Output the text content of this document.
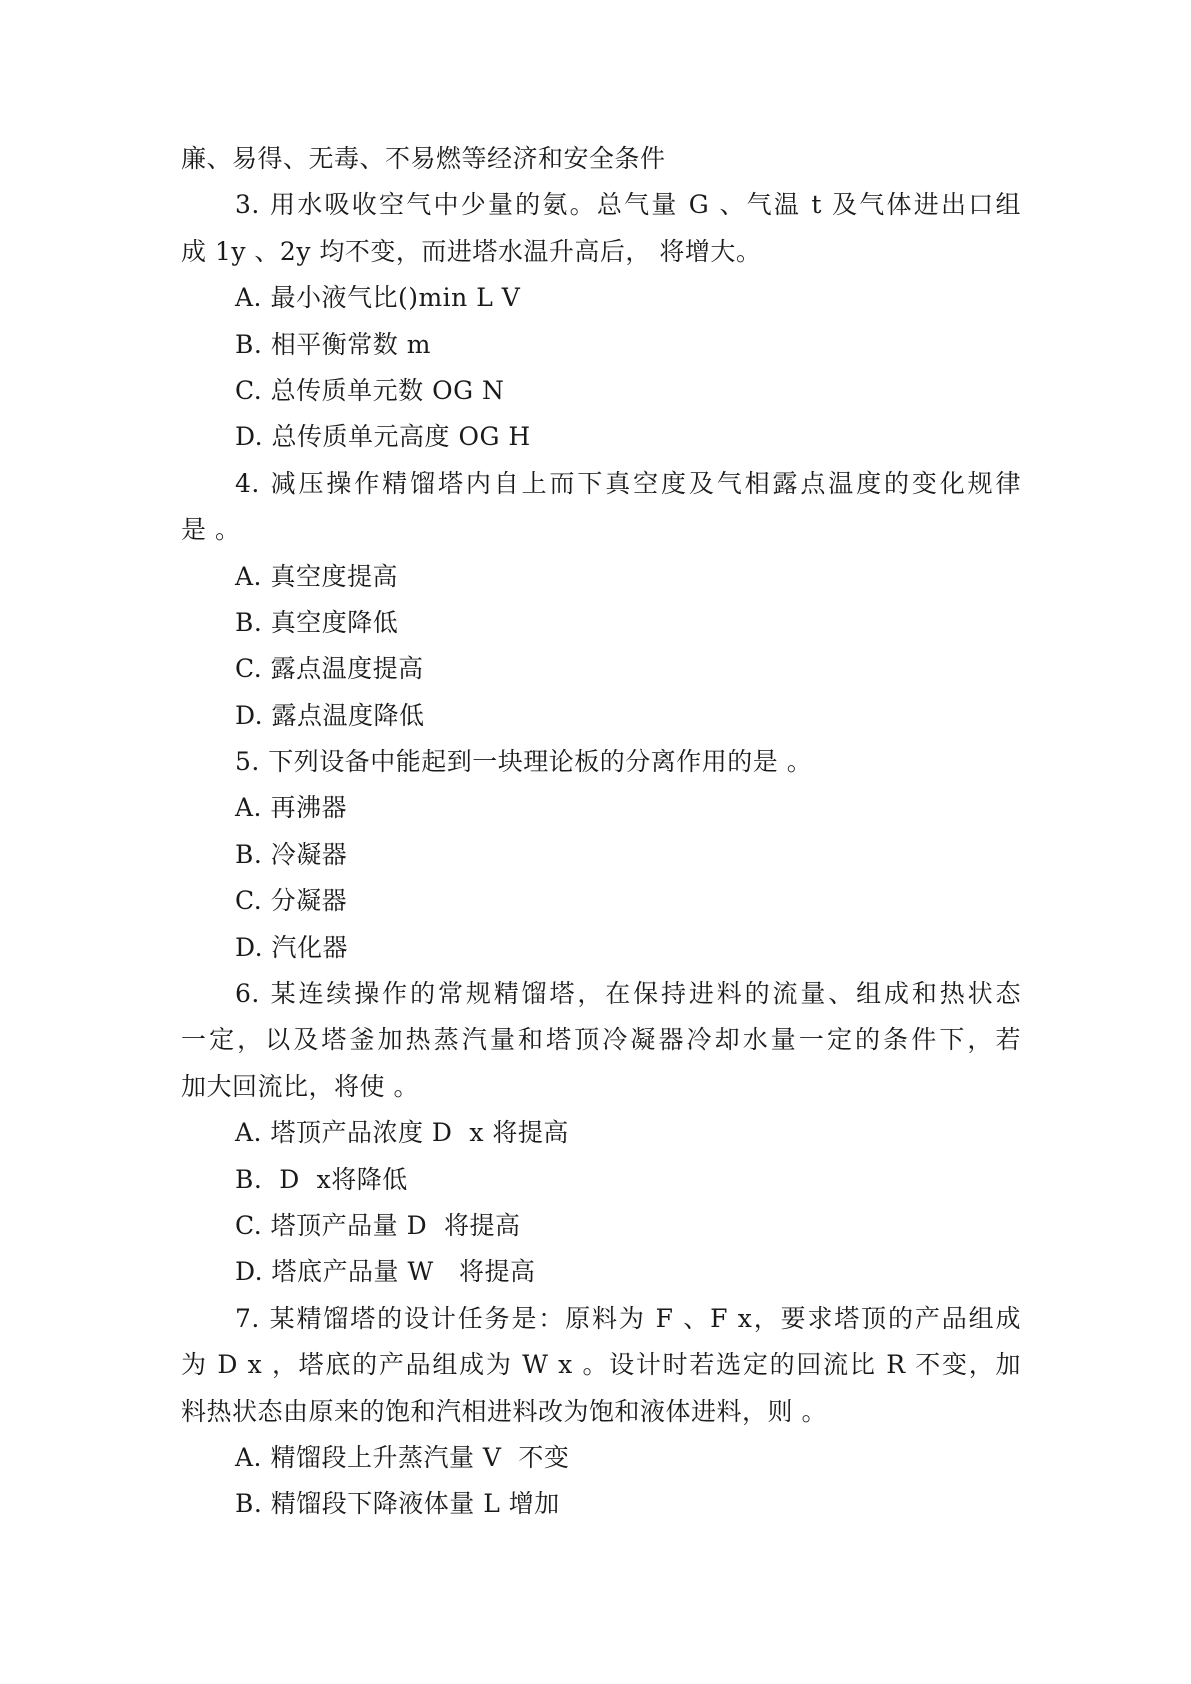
廉、易得、无毒、不易燃等经济和安全条件
3. 用水吸收空气中少量的氨。总气量 G 、气温 t 及气体进出口组
成 1y 、2y 均不变，而进塔水温升高后， 将增大。
A. 最小液气比()min L V
B. 相平衡常数 m
C. 总传质单元数 OG N
D. 总传质单元高度 OG H
4. 减压操作精馏塔内自上而下真空度及气相露点温度的变化规律
是 。
A. 真空度提高
B. 真空度降低
C. 露点温度提高
D. 露点温度降低
5. 下列设备中能起到一块理论板的分离作用的是 。
A. 再沸器
B. 冷凝器
C. 分凝器
D. 汽化器
6. 某连续操作的常规精馏塔，在保持进料的流量、组成和热状态
一定，以及塔釜加热蒸汽量和塔顶冷凝器冷却水量一定的条件下，若
加大回流比，将使 。
A. 塔顶产品浓度 D  x 将提高
B.  D  x将降低
C. 塔顶产品量 D  将提高
D. 塔底产品量 W   将提高
7. 某精馏塔的设计任务是：原料为 F 、F x，要求塔顶的产品组成
为 D x ，塔底的产品组成为 W x 。设计时若选定的回流比 R 不变，加
料热状态由原来的饱和汽相进料改为饱和液体进料，则 。
A. 精馏段上升蒸汽量 V  不变
B. 精馏段下降液体量 L 增加
